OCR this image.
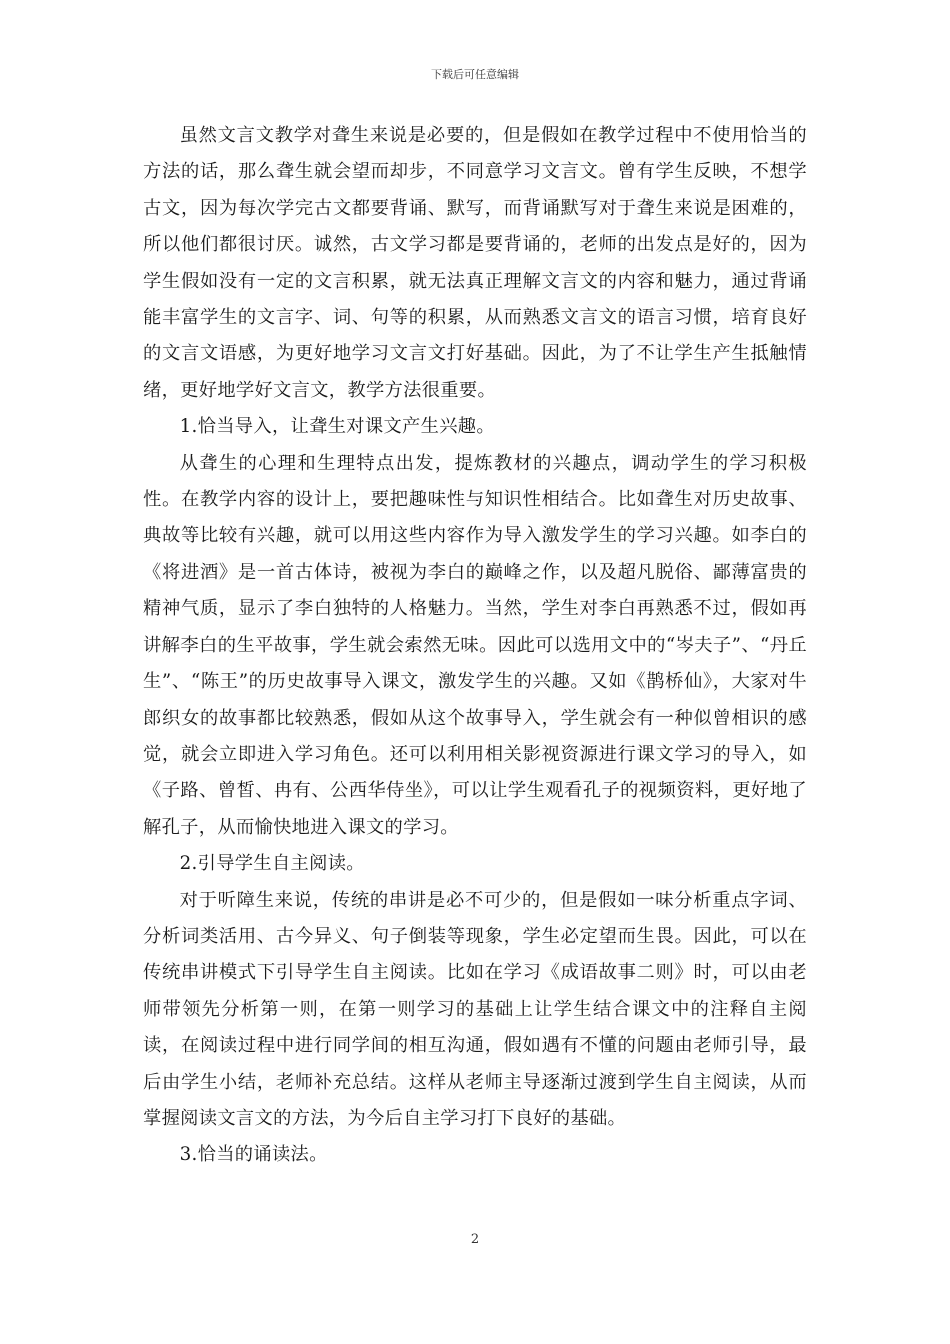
下载后可任意编辑

虽然文言文教学对聋生来说是必要的，但是假如在教学过程中不使用恰当的方法的话，那么聋生就会望而却步，不同意学习文言文。曾有学生反映，不想学古文，因为每次学完古文都要背诵、默写，而背诵默写对于聋生来说是困难的，所以他们都很讨厌。诚然，古文学习都是要背诵的，老师的出发点是好的，因为学生假如没有一定的文言积累，就无法真正理解文言文的内容和魅力，通过背诵能丰富学生的文言字、词、句等的积累，从而熟悉文言文的语言习惯，培育良好的文言文语感，为更好地学习文言文打好基础。因此，为了不让学生产生抵触情绪，更好地学好文言文，教学方法很重要。

1.恰当导入，让聋生对课文产生兴趣。

从聋生的心理和生理特点出发，提炼教材的兴趣点，调动学生的学习积极性。在教学内容的设计上，要把趣味性与知识性相结合。比如聋生对历史故事、典故等比较有兴趣，就可以用这些内容作为导入激发学生的学习兴趣。如李白的《将进酒》是一首古体诗，被视为李白的巅峰之作，以及超凡脱俗、鄙薄富贵的精神气质，显示了李白独特的人格魅力。当然，学生对李白再熟悉不过，假如再讲解李白的生平故事，学生就会索然无味。因此可以选用文中的“岑夫子”、“丹丘生”、“陈王”的历史故事导入课文，激发学生的兴趣。又如《鹊桥仙》，大家对牛郎织女的故事都比较熟悉，假如从这个故事导入，学生就会有一种似曾相识的感觉，就会立即进入学习角色。还可以利用相关影视资源进行课文学习的导入，如《子路、曾皙、冉有、公西华侍坐》，可以让学生观看孔子的视频资料，更好地了解孔子，从而愉快地进入课文的学习。

2.引导学生自主阅读。

对于听障生来说，传统的串讲是必不可少的，但是假如一味分析重点字词、分析词类活用、古今异义、句子倒装等现象，学生必定望而生畏。因此，可以在传统串讲模式下引导学生自主阅读。比如在学习《成语故事二则》时，可以由老师带领先分析第一则，在第一则学习的基础上让学生结合课文中的注释自主阅读，在阅读过程中进行同学间的相互沟通，假如遇有不懂的问题由老师引导，最后由学生小结，老师补充总结。这样从老师主导逐渐过渡到学生自主阅读，从而掌握阅读文言文的方法，为今后自主学习打下良好的基础。

3.恰当的诵读法。

2
